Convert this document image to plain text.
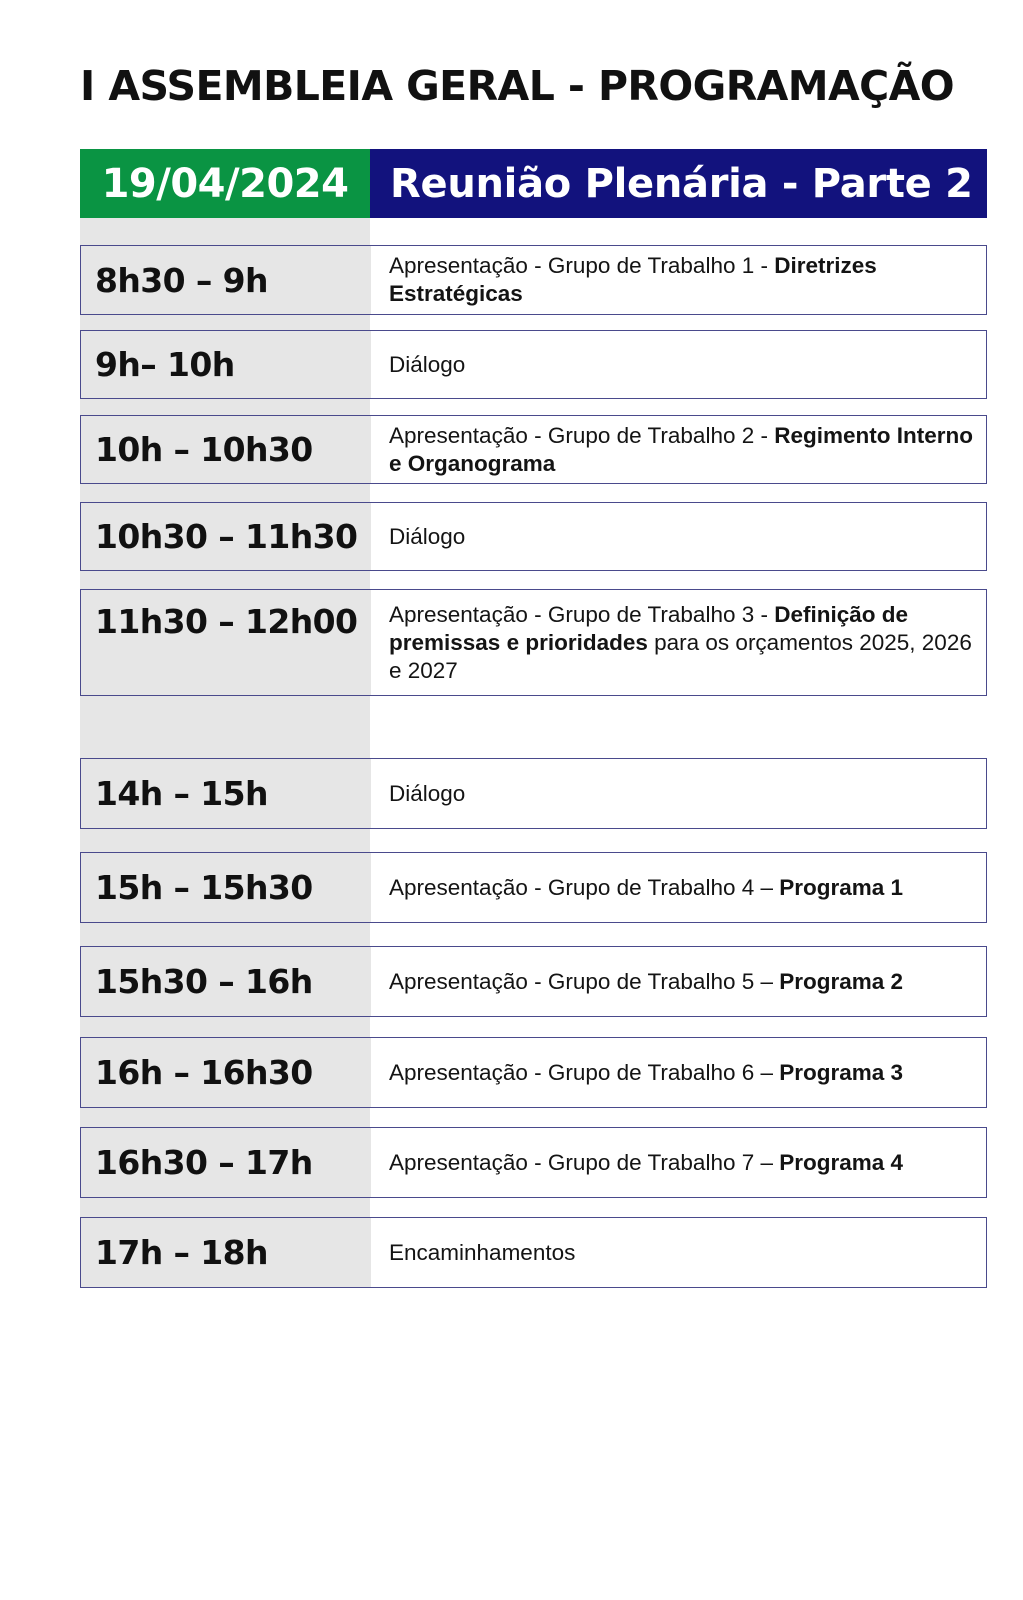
I ASSEMBLEIA GERAL - PROGRAMAÇÃO
19/04/2024	Reunião Plenária - Parte 2
8h30 – 9h	Apresentação - Grupo de Trabalho 1 - Diretrizes Estratégicas
9h– 10h	Diálogo
10h – 10h30	Apresentação - Grupo de Trabalho 2 - Regimento Interno e Organograma
10h30 – 11h30	Diálogo
11h30 – 12h00	Apresentação - Grupo de Trabalho 3 - Definição de premissas e prioridades para os orçamentos 2025, 2026 e 2027
14h – 15h	Diálogo
15h – 15h30	Apresentação - Grupo de Trabalho 4 – Programa 1
15h30 – 16h	Apresentação - Grupo de Trabalho 5 – Programa 2
16h – 16h30	Apresentação - Grupo de Trabalho 6 – Programa 3
16h30 – 17h	Apresentação - Grupo de Trabalho 7 – Programa 4
17h – 18h	Encaminhamentos
